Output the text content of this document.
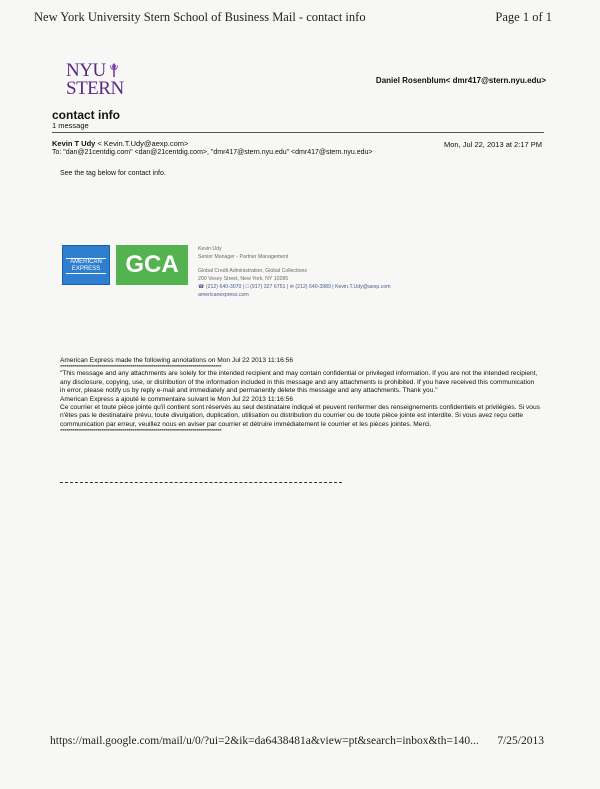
New York University Stern School of Business Mail - contact info	Page 1 of 1
NYU
STERN	Daniel Rosenblum< dmr417@stern.nyu.edu>
contact info
1 message
Kevin T Udy < Kevin.T.Udy@aexp.com>	Mon, Jul 22, 2013 at 2:17 PM
To: "dan@21centdig.com" <dan@21centdig.com>, "dmr417@stern.nyu.edu" <dmr417@stern.nyu.edu>
See the tag below for contact info.
AMERICAN
EXPRESS	GCA
Kevin Udy
Senior Manager - Partner Management
Global Credit Administration, Global Collections
200 Vesey Street, New York, NY 10285
☎ (212) 640-3070 | □ (917) 327 6751 | ✉ (212) 640-3989 | Kevin.T.Udy@aexp.com
americanexpress.com
American Express made the following annotations on Mon Jul 22 2013 11:16:56
******************************************************************************
"This message and any attachments are solely for the intended recipient and may contain confidential or privileged information. If you are not the intended recipient, any disclosure, copying, use, or distribution of the information included in this message and any attachments is prohibited. If you have received this communication in error, please notify us by reply e-mail and immediately and permanently delete this message and any attachments. Thank you."
American Express a ajouté le commentaire suivant le Mon Jul 22 2013 11:16:56
Ce courrier et toute pièce jointe qu'il contient sont réservés au seul destinataire indiqué et peuvent renfermer des renseignements confidentiels et privilégiés. Si vous n'êtes pas le destinataire prévu, toute divulgation, duplication, utilisation ou distribution du courrier ou de toute pièce jointe est interdite. Si vous avez reçu cette communication par erreur, veuillez nous en aviser par courrier et détruire immédiatement le courrier et les pièces jointes. Merci.
******************************************************************************
https://mail.google.com/mail/u/0/?ui=2&ik=da6438481a&view=pt&search=inbox&th=140... 7/25/2013
